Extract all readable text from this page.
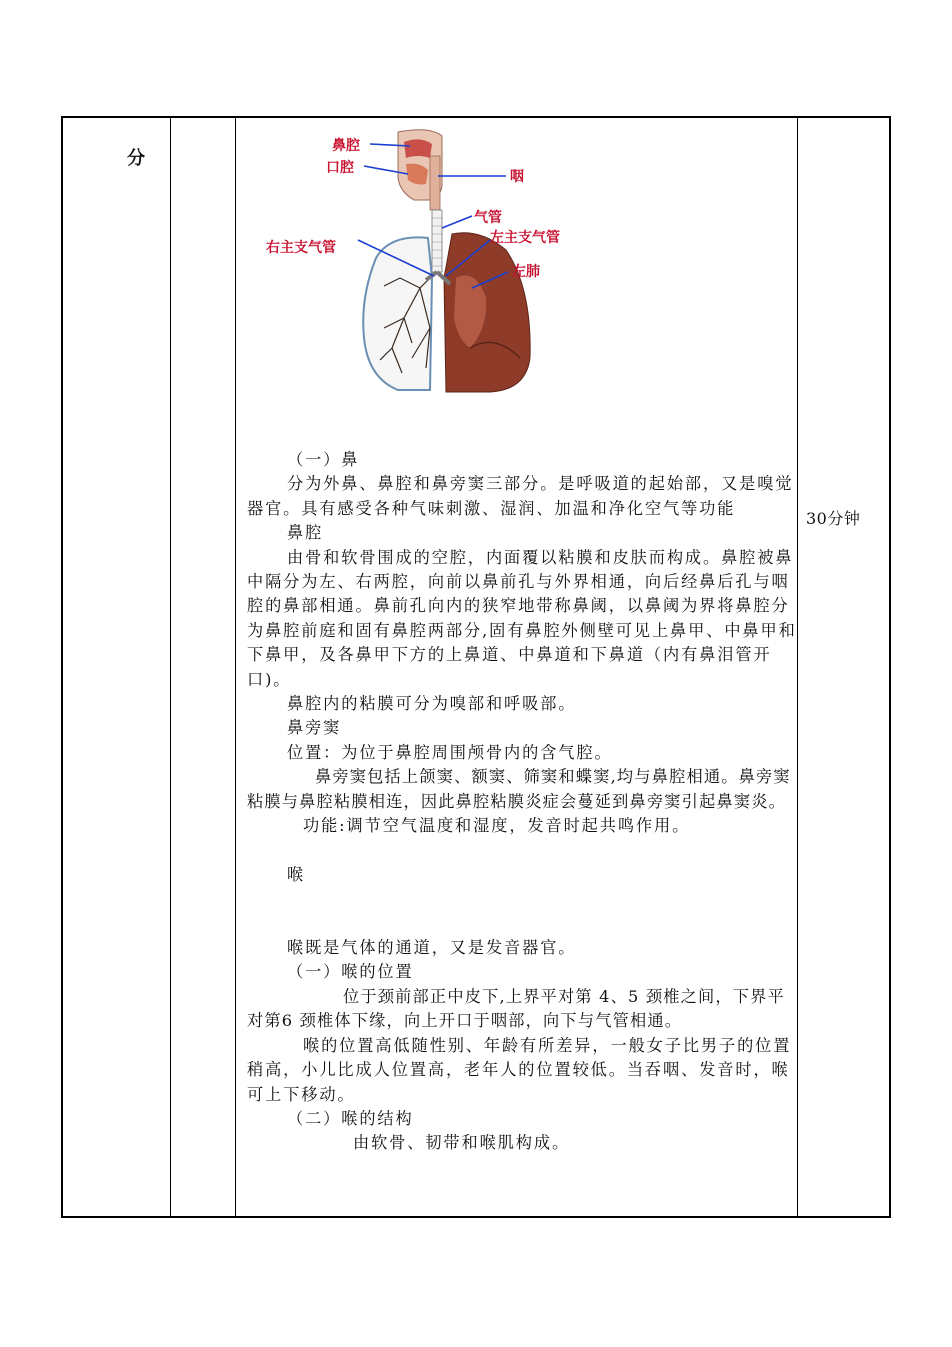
分
30分钟
鼻腔
口腔
咽
气管
右主支气管
左主支气管
左肺

（一）鼻

分为外鼻、鼻腔和鼻旁窦三部分。是呼吸道的起始部，又是嗅觉器官。具有感受各种气味刺激、湿润、加温和净化空气等功能

鼻腔

由骨和软骨围成的空腔，内面覆以粘膜和皮肤而构成。鼻腔被鼻中隔分为左、右两腔，向前以鼻前孔与外界相通，向后经鼻后孔与咽腔的鼻部相通。鼻前孔向内的狭窄地带称鼻阈，以鼻阈为界将鼻腔分为鼻腔前庭和固有鼻腔两部分,固有鼻腔外侧壁可见上鼻甲、中鼻甲和下鼻甲，及各鼻甲下方的上鼻道、中鼻道和下鼻道（内有鼻泪管开口)。

鼻腔内的粘膜可分为嗅部和呼吸部。

鼻旁窦

位置：为位于鼻腔周围颅骨内的含气腔。

鼻旁窦包括上颌窦、额窦、筛窦和蝶窦,均与鼻腔相通。鼻旁窦粘膜与鼻腔粘膜相连，因此鼻腔粘膜炎症会蔓延到鼻旁窦引起鼻窦炎。

功能:调节空气温度和湿度，发音时起共鸣作用。

喉

喉既是气体的通道，又是发音器官。

（一）喉的位置

位于颈前部正中皮下,上界平对第 4、5 颈椎之间，下界平对第6 颈椎体下缘，向上开口于咽部，向下与气管相通。

喉的位置高低随性别、年龄有所差异，一般女子比男子的位置稍高，小儿比成人位置高，老年人的位置较低。当吞咽、发音时，喉可上下移动。

（二）喉的结构

由软骨、韧带和喉肌构成。
